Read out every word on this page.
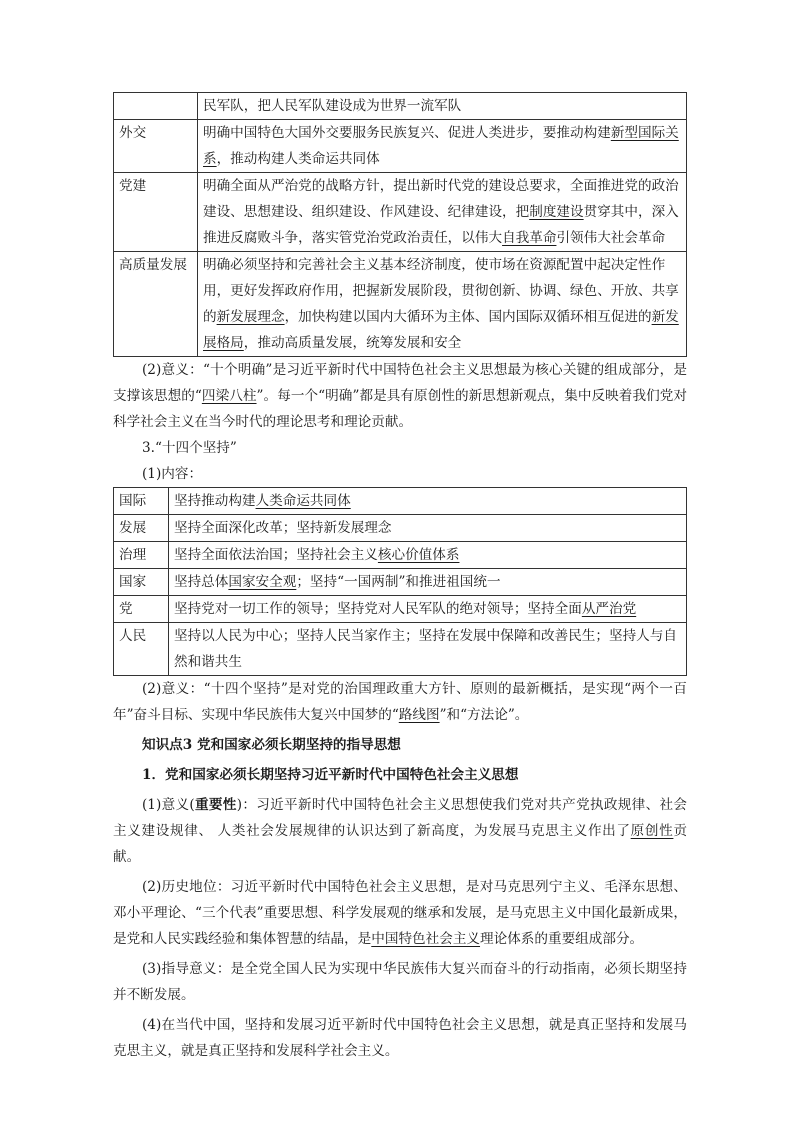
	民军队，把人民军队建设成为世界一流军队
外交	明确中国特色大国外交要服务民族复兴、促进人类进步，要推动构建新型国际关系，推动构建人类命运共同体
党建	明确全面从严治党的战略方针，提出新时代党的建设总要求，全面推进党的政治建设、思想建设、组织建设、作风建设、纪律建设，把制度建设贯穿其中，深入推进反腐败斗争，落实管党治党政治责任，以伟大自我革命引领伟大社会革命
高质量发展	明确必须坚持和完善社会主义基本经济制度，使市场在资源配置中起决定性作用，更好发挥政府作用，把握新发展阶段，贯彻创新、协调、绿色、开放、共享的新发展理念，加快构建以国内大循环为主体、国内国际双循环相互促进的新发展格局，推动高质量发展，统筹发展和安全

(2)意义：“十个明确”是习近平新时代中国特色社会主义思想最为核心关键的组成部分，是支撑该思想的“四梁八柱”。每一个“明确”都是具有原创性的新思想新观点，集中反映着我们党对科学社会主义在当今时代的理论思考和理论贡献。

3.“十四个坚持”

(1)内容：

国际	坚持推动构建人类命运共同体
发展	坚持全面深化改革；坚持新发展理念
治理	坚持全面依法治国；坚持社会主义核心价值体系
国家	坚持总体国家安全观；坚持“一国两制”和推进祖国统一
党	坚持党对一切工作的领导；坚持党对人民军队的绝对领导；坚持全面从严治党
人民	坚持以人民为中心；坚持人民当家作主；坚持在发展中保障和改善民生；坚持人与自然和谐共生

(2)意义：“十四个坚持”是对党的治国理政重大方针、原则的最新概括，是实现“两个一百年”奋斗目标、实现中华民族伟大复兴中国梦的“路线图”和“方法论”。

知识点3 党和国家必须长期坚持的指导思想

1．党和国家必须长期坚持习近平新时代中国特色社会主义思想

(1)意义(重要性)：习近平新时代中国特色社会主义思想使我们党对共产党执政规律、社会主义建设规律、 人类社会发展规律的认识达到了新高度，为发展马克思主义作出了原创性贡献。

(2)历史地位：习近平新时代中国特色社会主义思想，是对马克思列宁主义、毛泽东思想、邓小平理论、“三个代表”重要思想、科学发展观的继承和发展，是马克思主义中国化最新成果，是党和人民实践经验和集体智慧的结晶，是中国特色社会主义理论体系的重要组成部分。

(3)指导意义：是全党全国人民为实现中华民族伟大复兴而奋斗的行动指南，必须长期坚持并不断发展。

(4)在当代中国，坚持和发展习近平新时代中国特色社会主义思想，就是真正坚持和发展马克思主义，就是真正坚持和发展科学社会主义。
